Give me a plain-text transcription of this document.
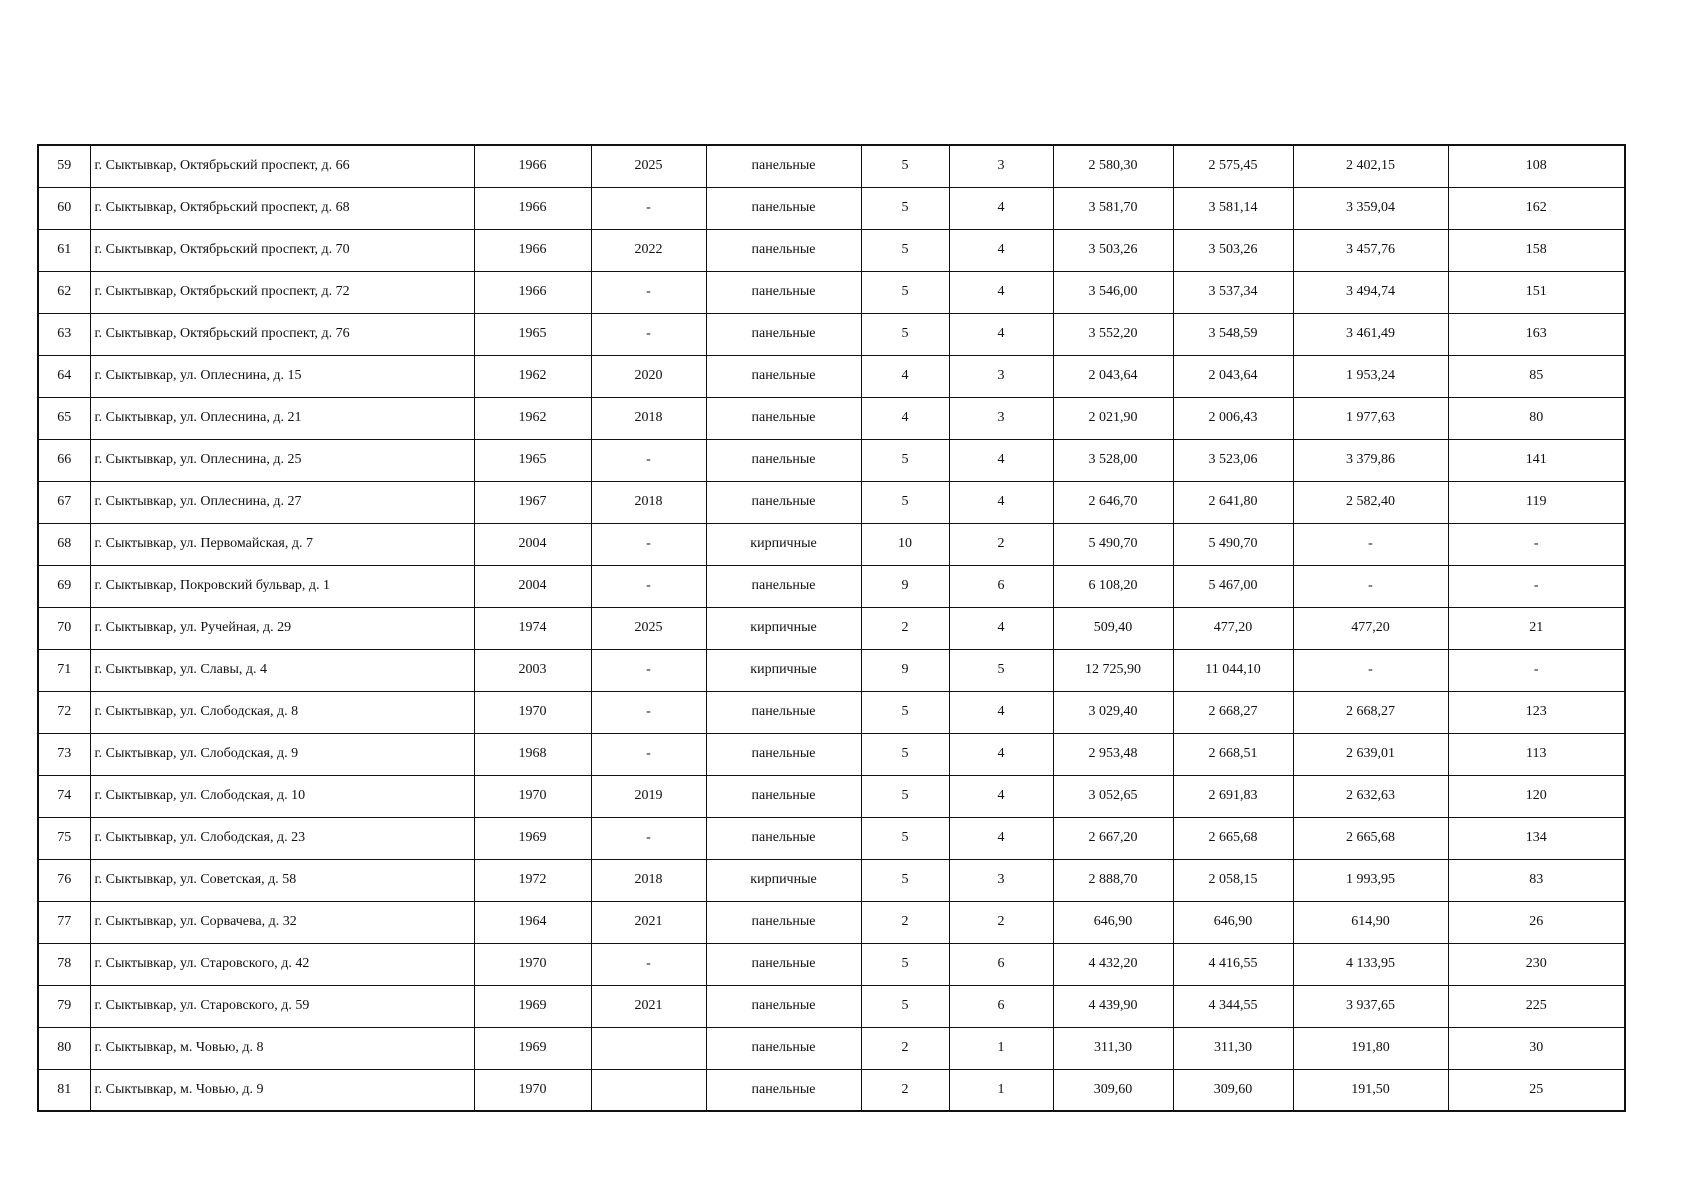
59	г. Сыктывкар, Октябрьский проспект, д. 66	1966	2025	панельные	5	3	2 580,30	2 575,45	2 402,15	108
60	г. Сыктывкар, Октябрьский проспект, д. 68	1966	-	панельные	5	4	3 581,70	3 581,14	3 359,04	162
61	г. Сыктывкар, Октябрьский проспект, д. 70	1966	2022	панельные	5	4	3 503,26	3 503,26	3 457,76	158
62	г. Сыктывкар, Октябрьский проспект, д. 72	1966	-	панельные	5	4	3 546,00	3 537,34	3 494,74	151
63	г. Сыктывкар, Октябрьский проспект, д. 76	1965	-	панельные	5	4	3 552,20	3 548,59	3 461,49	163
64	г. Сыктывкар, ул. Оплеснина, д. 15	1962	2020	панельные	4	3	2 043,64	2 043,64	1 953,24	85
65	г. Сыктывкар, ул. Оплеснина, д. 21	1962	2018	панельные	4	3	2 021,90	2 006,43	1 977,63	80
66	г. Сыктывкар, ул. Оплеснина, д. 25	1965	-	панельные	5	4	3 528,00	3 523,06	3 379,86	141
67	г. Сыктывкар, ул. Оплеснина, д. 27	1967	2018	панельные	5	4	2 646,70	2 641,80	2 582,40	119
68	г. Сыктывкар, ул. Первомайская, д. 7	2004	-	кирпичные	10	2	5 490,70	5 490,70	-	-
69	г. Сыктывкар, Покровский бульвар, д. 1	2004	-	панельные	9	6	6 108,20	5 467,00	-	-
70	г. Сыктывкар, ул. Ручейная, д. 29	1974	2025	кирпичные	2	4	509,40	477,20	477,20	21
71	г. Сыктывкар, ул. Славы, д. 4	2003	-	кирпичные	9	5	12 725,90	11 044,10	-	-
72	г. Сыктывкар, ул. Слободская, д. 8	1970	-	панельные	5	4	3 029,40	2 668,27	2 668,27	123
73	г. Сыктывкар, ул. Слободская, д. 9	1968	-	панельные	5	4	2 953,48	2 668,51	2 639,01	113
74	г. Сыктывкар, ул. Слободская, д. 10	1970	2019	панельные	5	4	3 052,65	2 691,83	2 632,63	120
75	г. Сыктывкар, ул. Слободская, д. 23	1969	-	панельные	5	4	2 667,20	2 665,68	2 665,68	134
76	г. Сыктывкар, ул. Советская, д. 58	1972	2018	кирпичные	5	3	2 888,70	2 058,15	1 993,95	83
77	г. Сыктывкар, ул. Сорвачева, д. 32	1964	2021	панельные	2	2	646,90	646,90	614,90	26
78	г. Сыктывкар, ул. Старовского, д. 42	1970	-	панельные	5	6	4 432,20	4 416,55	4 133,95	230
79	г. Сыктывкар, ул. Старовского, д. 59	1969	2021	панельные	5	6	4 439,90	4 344,55	3 937,65	225
80	г. Сыктывкар, м. Човью, д. 8	1969		панельные	2	1	311,30	311,30	191,80	30
81	г. Сыктывкар, м. Човью, д. 9	1970		панельные	2	1	309,60	309,60	191,50	25
